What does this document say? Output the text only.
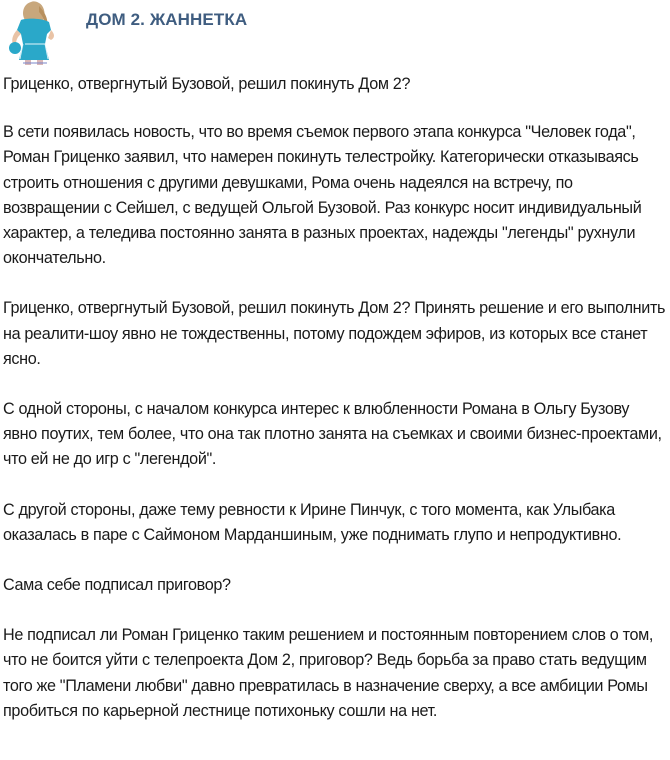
ДОМ 2. ЖАННЕТКА

Гриценко, отвергнутый Бузовой, решил покинуть Дом 2?

В сети появилась новость, что во время съемок первого этапа конкурса "Человек года", Роман Гриценко заявил, что намерен покинуть телестройку. Категорически отказываясь строить отношения с другими девушками, Рома очень надеялся на встречу, по возвращении с Сейшел, с ведущей Ольгой Бузовой. Раз конкурс носит индивидуальный характер, а теледива постоянно занята в разных проектах, надежды "легенды" рухнули окончательно.

Гриценко, отвергнутый Бузовой, решил покинуть Дом 2? Принять решение и его выполнить на реалити-шоу явно не тождественны, потому подождем эфиров, из которых все станет ясно.

С одной стороны, с началом конкурса интерес к влюбленности Романа в Ольгу Бузову явно поутих, тем более, что она так плотно занята на съемках и своими бизнес-проектами, что ей не до игр с "легендой".

С другой стороны, даже тему ревности к Ирине Пинчук, с того момента, как Улыбака оказалась в паре с Саймоном Марданшиным, уже поднимать глупо и непродуктивно.

Сама себе подписал приговор?

Не подписал ли Роман Гриценко таким решением и постоянным повторением слов о том, что не боится уйти с телепроекта Дом 2, приговор? Ведь борьба за право стать ведущим того же "Пламени любви" давно превратилась в назначение сверху, а все амбиции Ромы пробиться по карьерной лестнице потихоньку сошли на нет.
